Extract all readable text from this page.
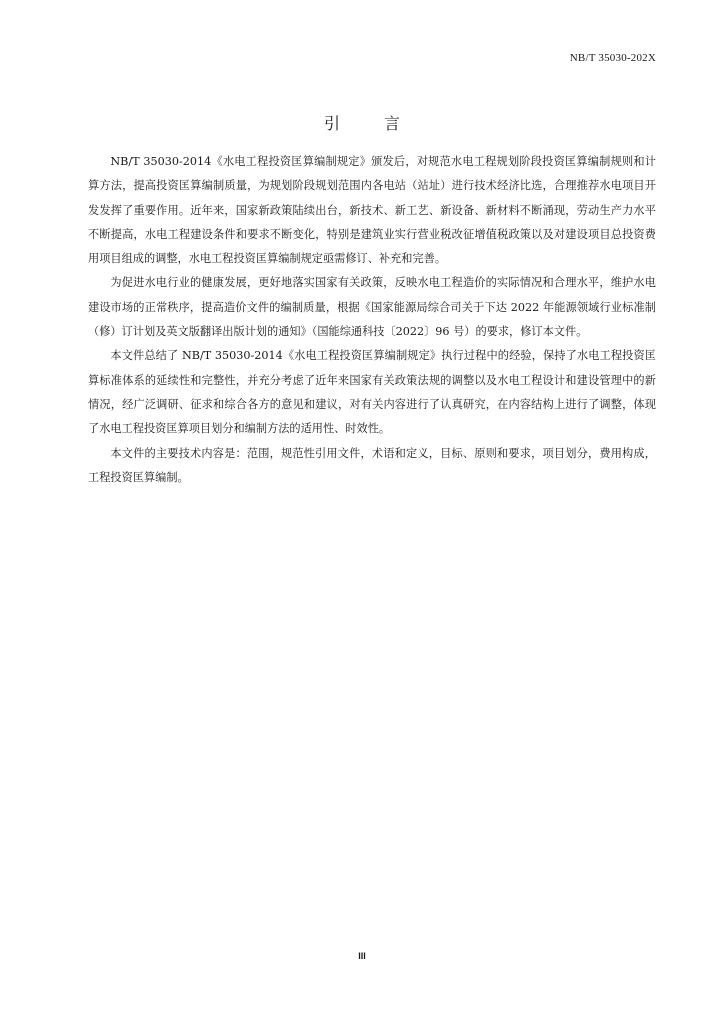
NB/T 35030-202X
引言

NB/T 35030-2014《水电工程投资匡算编制规定》颁发后，对规范水电工程规划阶段投资匡算编制规则和计算方法，提高投资匡算编制质量，为规划阶段规划范围内各电站（站址）进行技术经济比选，合理推荐水电项目开发发挥了重要作用。近年来，国家新政策陆续出台，新技术、新工艺、新设备、新材料不断涌现，劳动生产力水平不断提高，水电工程建设条件和要求不断变化，特别是建筑业实行营业税改征增值税政策以及对建设项目总投资费用项目组成的调整，水电工程投资匡算编制规定亟需修订、补充和完善。

为促进水电行业的健康发展，更好地落实国家有关政策，反映水电工程造价的实际情况和合理水平，维护水电建设市场的正常秩序，提高造价文件的编制质量，根据《国家能源局综合司关于下达 2022 年能源领域行业标准制（修）订计划及英文版翻译出版计划的通知》（国能综通科技〔2022〕96 号）的要求，修订本文件。

本文件总结了 NB/T 35030-2014《水电工程投资匡算编制规定》执行过程中的经验，保持了水电工程投资匡算标准体系的延续性和完整性，并充分考虑了近年来国家有关政策法规的调整以及水电工程设计和建设管理中的新情况，经广泛调研、征求和综合各方的意见和建议，对有关内容进行了认真研究，在内容结构上进行了调整，体现了水电工程投资匡算项目划分和编制方法的适用性、时效性。

本文件的主要技术内容是：范围，规范性引用文件，术语和定义，目标、原则和要求，项目划分，费用构成，工程投资匡算编制。

III
